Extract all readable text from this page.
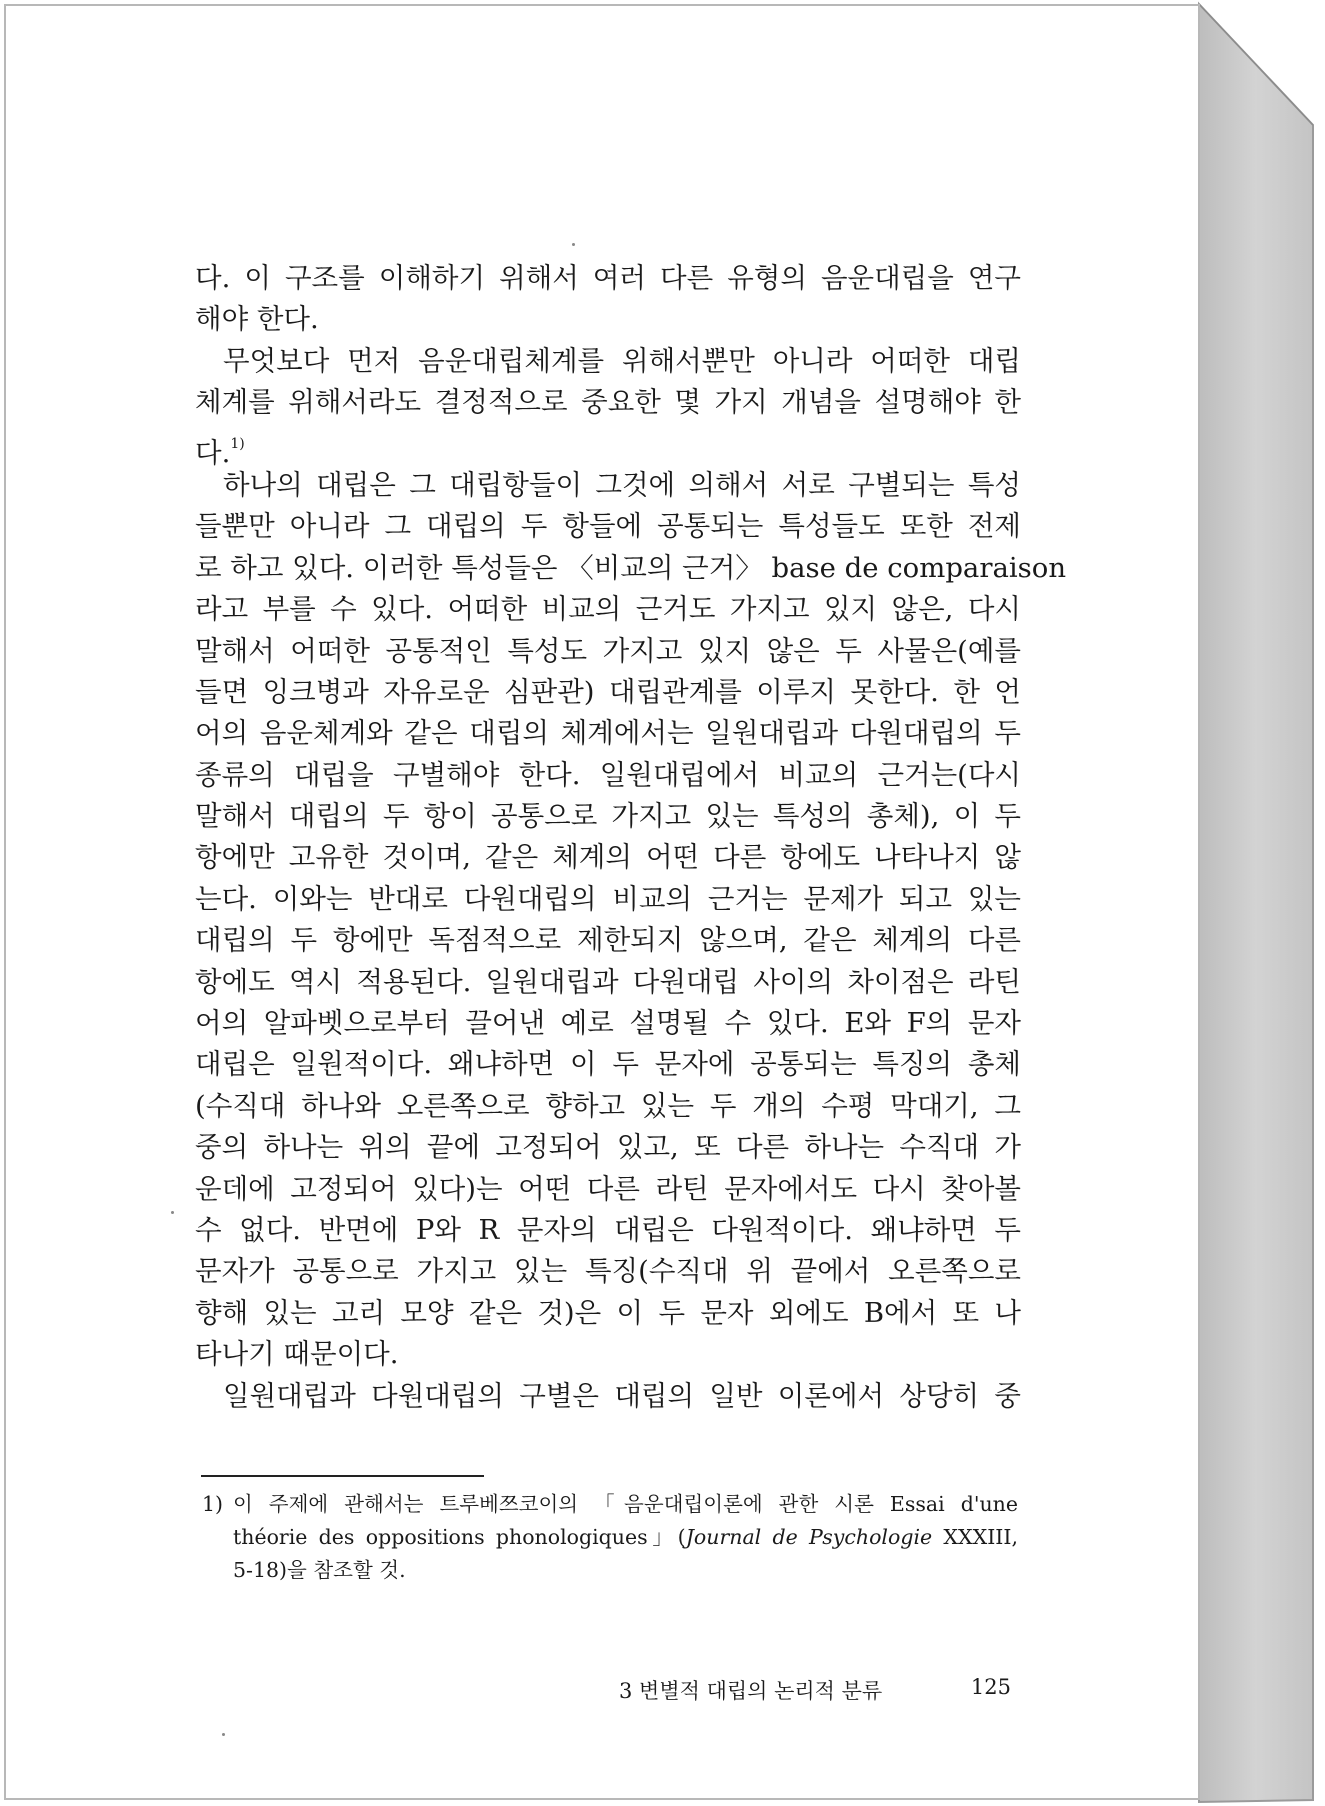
다. 이 구조를 이해하기 위해서 여러 다른 유형의 음운대립을 연구
해야 한다.
무엇보다 먼저 음운대립체계를 위해서뿐만 아니라 어떠한 대립
체계를 위해서라도 결정적으로 중요한 몇 가지 개념을 설명해야 한
다.$^{1)}$
하나의 대립은 그 대립항들이 그것에 의해서 서로 구별되는 특성
들뿐만 아니라 그 대립의 두 항들에 공통되는 특성들도 또한 전제
로 하고 있다. 이러한 특성들은 〈비교의 근거〉 base de comparaison
라고 부를 수 있다. 어떠한 비교의 근거도 가지고 있지 않은, 다시
말해서 어떠한 공통적인 특성도 가지고 있지 않은 두 사물은(예를
들면 잉크병과 자유로운 심판관) 대립관계를 이루지 못한다. 한 언
어의 음운체계와 같은 대립의 체계에서는 일원대립과 다원대립의 두
종류의 대립을 구별해야 한다. 일원대립에서 비교의 근거는(다시
말해서 대립의 두 항이 공통으로 가지고 있는 특성의 총체), 이 두
항에만 고유한 것이며, 같은 체계의 어떤 다른 항에도 나타나지 않
는다. 이와는 반대로 다원대립의 비교의 근거는 문제가 되고 있는
대립의 두 항에만 독점적으로 제한되지 않으며, 같은 체계의 다른
항에도 역시 적용된다. 일원대립과 다원대립 사이의 차이점은 라틴
어의 알파벳으로부터 끌어낸 예로 설명될 수 있다. E와 F의 문자
대립은 일원적이다. 왜냐하면 이 두 문자에 공통되는 특징의 총체
(수직대 하나와 오른쪽으로 향하고 있는 두 개의 수평 막대기, 그
중의 하나는 위의 끝에 고정되어 있고, 또 다른 하나는 수직대 가
운데에 고정되어 있다)는 어떤 다른 라틴 문자에서도 다시 찾아볼
수 없다. 반면에 P와 R 문자의 대립은 다원적이다. 왜냐하면 두
문자가 공통으로 가지고 있는 특징(수직대 위 끝에서 오른쪽으로
향해 있는 고리 모양 같은 것)은 이 두 문자 외에도 B에서 또 나
타나기 때문이다.
일원대립과 다원대립의 구별은 대립의 일반 이론에서 상당히 중
1) 이 주제에 관해서는 트루베쯔코이의 「음운대립이론에 관한 시론 Essai d'une
théorie des oppositions phonologiques」(Journal de Psychologie XXXIII,
5-18)을 참조할 것.
3 변별적 대립의 논리적 분류	125
